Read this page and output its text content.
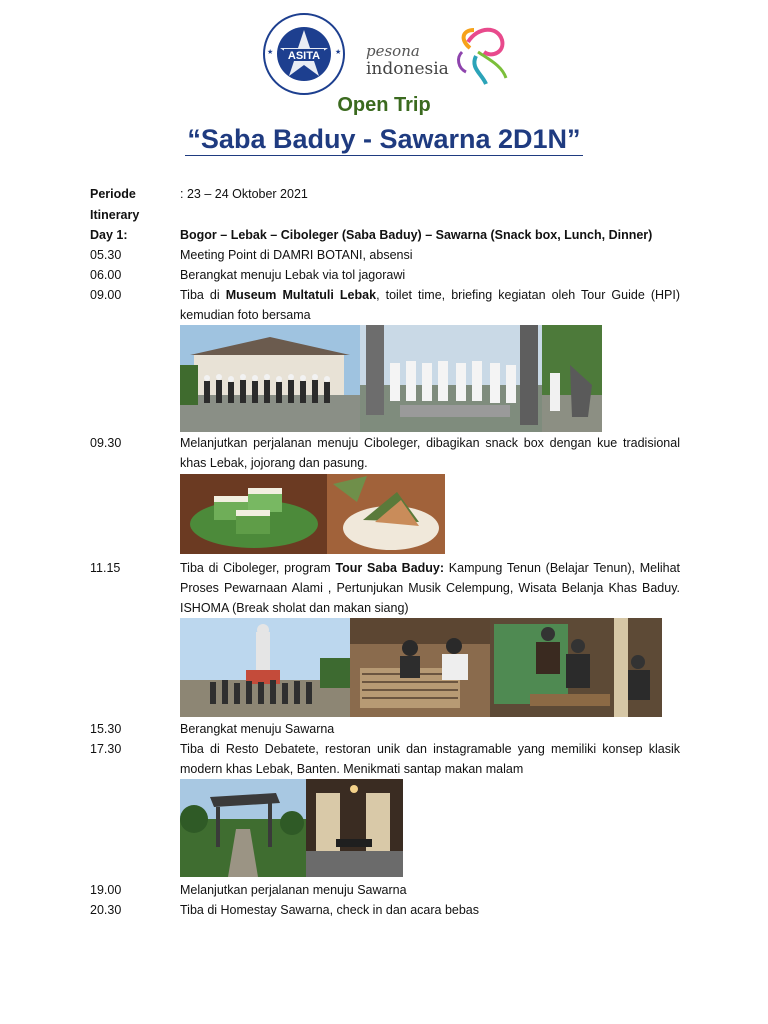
ASITA
★	★ pesona
indonesia
Open Trip
“Saba Baduy - Sawarna 2D1N”
Periode	: 23 – 24 Oktober 2021
Itinerary
Day 1:	Bogor – Lebak – Ciboleger (Saba Baduy) – Sawarna (Snack box, Lunch, Dinner)
05.30	Meeting Point di DAMRI BOTANI, absensi
06.00	Berangkat menuju Lebak via tol jagorawi
09.00	Tiba di Museum Multatuli Lebak, toilet time, briefing kegiatan oleh Tour Guide (HPI) kemudian foto bersama
09.30	Melanjutkan perjalanan menuju Ciboleger, dibagikan snack box dengan kue tradisional khas Lebak, jojorang dan pasung.
11.15	Tiba di Ciboleger, program Tour Saba Baduy: Kampung Tenun (Belajar Tenun), Melihat Proses Pewarnaan Alami , Pertunjukan Musik Celempung, Wisata Belanja Khas Baduy. ISHOMA (Break sholat dan makan siang)
15.30	Berangkat menuju Sawarna
17.30	Tiba di Resto Debatete, restoran unik dan instagramable yang memiliki konsep klasik modern khas Lebak, Banten. Menikmati santap makan malam
19.00	Melanjutkan perjalanan menuju Sawarna
20.30	Tiba di Homestay Sawarna, check in dan acara bebas
